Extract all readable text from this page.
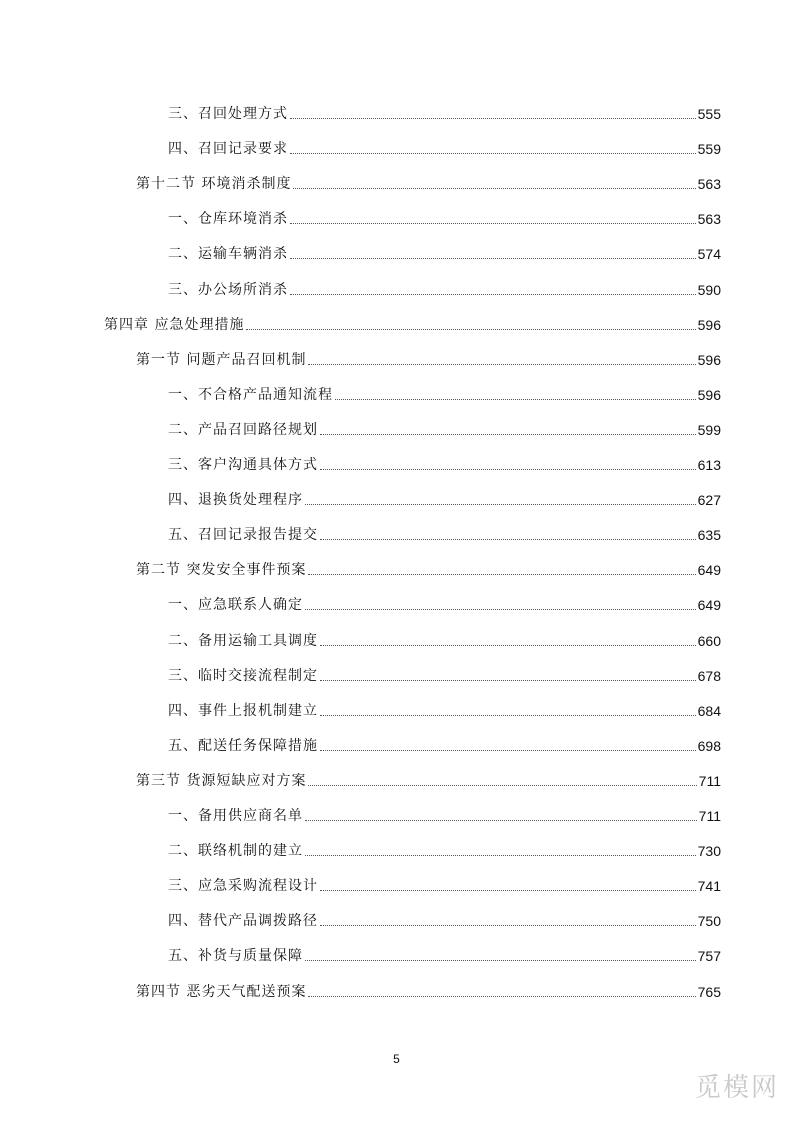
三、召回处理方式	555
四、召回记录要求	559
第十二节 环境消杀制度	563
一、仓库环境消杀	563
二、运输车辆消杀	574
三、办公场所消杀	590
第四章 应急处理措施	596
第一节 问题产品召回机制	596
一、不合格产品通知流程	596
二、产品召回路径规划	599
三、客户沟通具体方式	613
四、退换货处理程序	627
五、召回记录报告提交	635
第二节 突发安全事件预案	649
一、应急联系人确定	649
二、备用运输工具调度	660
三、临时交接流程制定	678
四、事件上报机制建立	684
五、配送任务保障措施	698
第三节 货源短缺应对方案	711
一、备用供应商名单	711
二、联络机制的建立	730
三、应急采购流程设计	741
四、替代产品调拨路径	750
五、补货与质量保障	757
第四节 恶劣天气配送预案	765
5
觅模网
